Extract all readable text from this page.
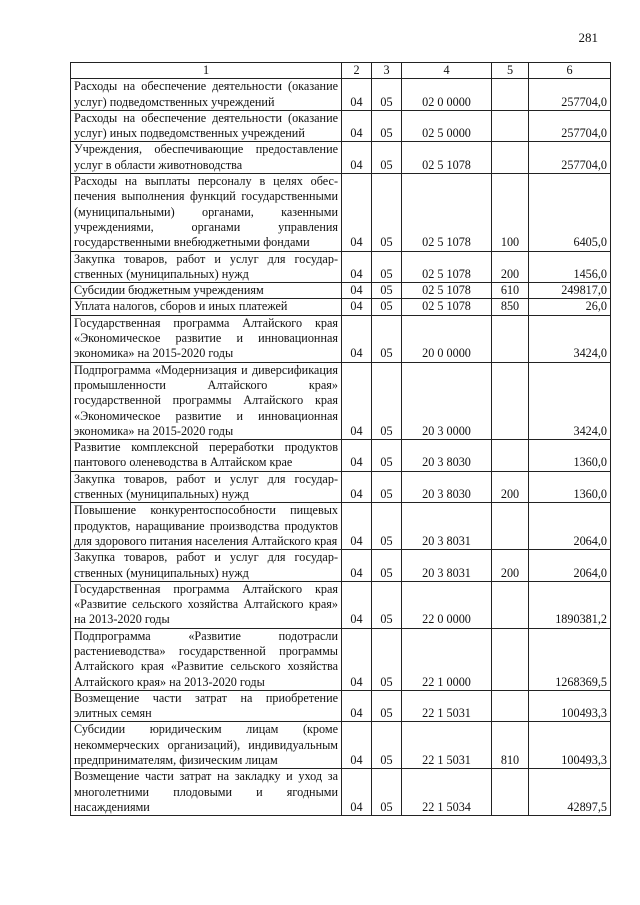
281
1	2	3	4	5	6
Расходы на обеспечение деятельности (оказание услуг) подведомственных учреждений	04	05	02 0 0000		257704,0
Расходы на обеспечение деятельности (оказание услуг) иных подведомственных учреждений	04	05	02 5 0000		257704,0
Учреждения, обеспечивающие предоставление услуг в области животноводства	04	05	02 5 1078		257704,0
Расходы на выплаты персоналу в целях обеспечения выполнения функций государственными (муниципальными) органами, казенными учреждениями, органами управления государственными внебюджетными фондами	04	05	02 5 1078	100	6405,0
Закупка товаров, работ и услуг для государственных (муниципальных) нужд	04	05	02 5 1078	200	1456,0
Субсидии бюджетным учреждениям	04	05	02 5 1078	610	249817,0
Уплата налогов, сборов и иных платежей	04	05	02 5 1078	850	26,0
Государственная программа Алтайского края «Экономическое развитие и инновационная экономика» на 2015-2020 годы	04	05	20 0 0000		3424,0
Подпрограмма «Модернизация и диверсификация промышленности Алтайского края» государственной программы Алтайского края «Экономическое развитие и инновационная экономика» на 2015-2020 годы	04	05	20 3 0000		3424,0
Развитие комплексной переработки продуктов пантового оленеводства в Алтайском крае	04	05	20 3 8030		1360,0
Закупка товаров, работ и услуг для государственных (муниципальных) нужд	04	05	20 3 8030	200	1360,0
Повышение конкурентоспособности пищевых продуктов, наращивание производства продуктов для здорового питания населения Алтайского края	04	05	20 3 8031		2064,0
Закупка товаров, работ и услуг для государственных (муниципальных) нужд	04	05	20 3 8031	200	2064,0
Государственная программа Алтайского края «Развитие сельского хозяйства Алтайского края» на 2013-2020 годы	04	05	22 0 0000		1890381,2
Подпрограмма «Развитие подотрасли растениеводства» государственной программы Алтайского края «Развитие сельского хозяйства Алтайского края» на 2013-2020 годы	04	05	22 1 0000		1268369,5
Возмещение части затрат на приобретение элитных семян	04	05	22 1 5031		100493,3
Субсидии юридическим лицам (кроме некоммерческих организаций), индивидуальным предпринимателям, физическим лицам	04	05	22 1 5031	810	100493,3
Возмещение части затрат на закладку и уход за многолетними плодовыми и ягодными насаждениями	04	05	22 1 5034		42897,5
